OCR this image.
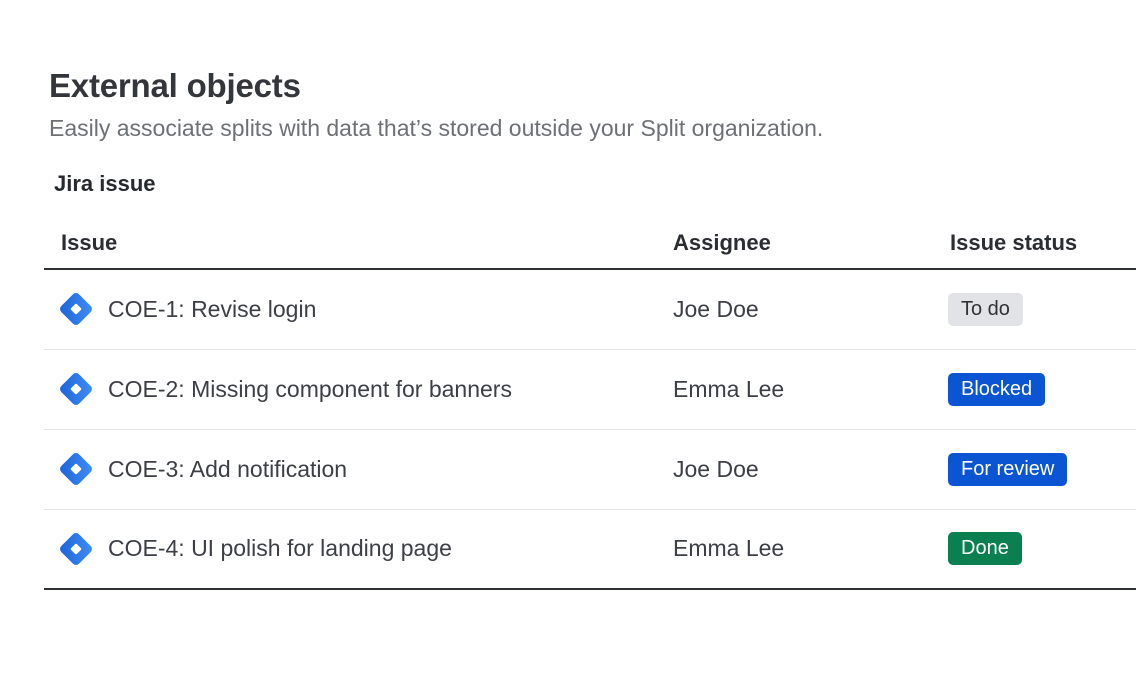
External objects

Easily associate splits with data that’s stored outside your Split organization.

Jira issue
Issue	Assignee	Issue status
COE-1: Revise login	Joe Doe	To do
COE-2: Missing component for banners	Emma Lee	Blocked
COE-3: Add notification	Joe Doe	For review
COE-4: UI polish for landing page	Emma Lee	Done
